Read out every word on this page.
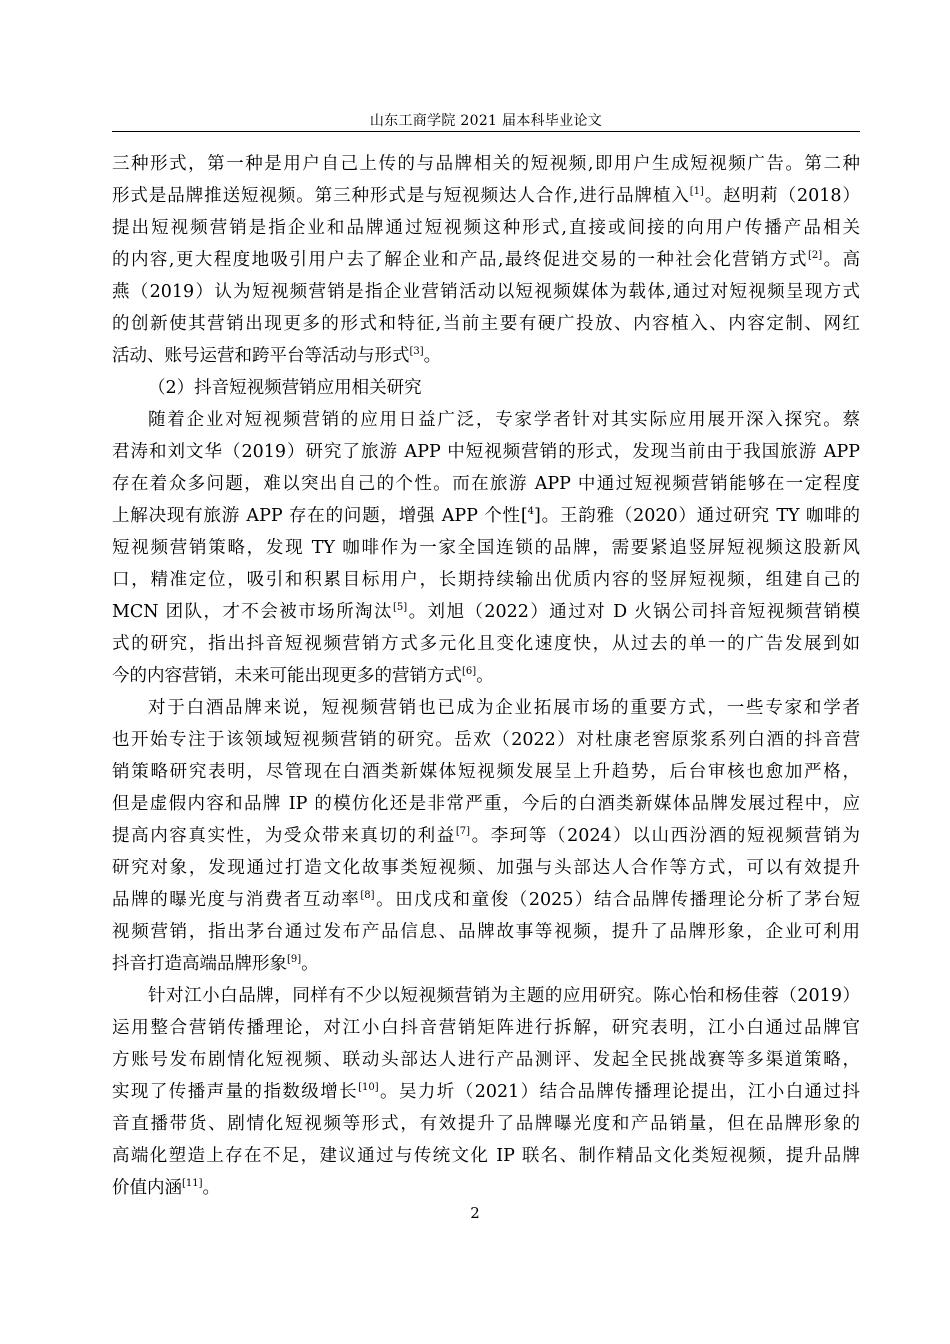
山东工商学院 2021 届本科毕业论文
三种形式，第一种是用户自己上传的与品牌相关的短视频,即用户生成短视频广告。第二种
形式是品牌推送短视频。第三种形式是与短视频达人合作,进行品牌植入[1]。赵明莉（2018）
提出短视频营销是指企业和品牌通过短视频这种形式,直接或间接的向用户传播产品相关
的内容,更大程度地吸引用户去了解企业和产品,最终促进交易的一种社会化营销方式[2]。高
燕（2019）认为短视频营销是指企业营销活动以短视频媒体为载体,通过对短视频呈现方式
的创新使其营销出现更多的形式和特征,当前主要有硬广投放、内容植入、内容定制、网红
活动、账号运营和跨平台等活动与形式[3]。
（2）抖音短视频营销应用相关研究
随着企业对短视频营销的应用日益广泛，专家学者针对其实际应用展开深入探究。蔡
君涛和刘文华（2019）研究了旅游 APP 中短视频营销的形式，发现当前由于我国旅游 APP
存在着众多问题，难以突出自己的个性。而在旅游 APP 中通过短视频营销能够在一定程度
上解决现有旅游 APP 存在的问题，增强 APP 个性[$^4$]。王韵雅（2020）通过研究 TY 咖啡的
短视频营销策略，发现 TY 咖啡作为一家全国连锁的品牌，需要紧追竖屏短视频这股新风
口，精准定位，吸引和积累目标用户，长期持续输出优质内容的竖屏短视频，组建自己的
MCN 团队，才不会被市场所淘汰[5]。刘旭（2022）通过对 D 火锅公司抖音短视频营销模
式的研究，指出抖音短视频营销方式多元化且变化速度快，从过去的单一的广告发展到如
今的内容营销，未来可能出现更多的营销方式[6]。
对于白酒品牌来说，短视频营销也已成为企业拓展市场的重要方式，一些专家和学者
也开始专注于该领域短视频营销的研究。岳欢（2022）对杜康老窖原浆系列白酒的抖音营
销策略研究表明，尽管现在白酒类新媒体短视频发展呈上升趋势，后台审核也愈加严格，
但是虚假内容和品牌 IP 的模仿化还是非常严重，今后的白酒类新媒体品牌发展过程中，应
提高内容真实性，为受众带来真切的利益[7]。李珂等（2024）以山西汾酒的短视频营销为
研究对象，发现通过打造文化故事类短视频、加强与头部达人合作等方式，可以有效提升
品牌的曝光度与消费者互动率[8]。田戊戌和童俊（2025）结合品牌传播理论分析了茅台短
视频营销，指出茅台通过发布产品信息、品牌故事等视频，提升了品牌形象，企业可利用
抖音打造高端品牌形象[9]。
针对江小白品牌，同样有不少以短视频营销为主题的应用研究。陈心怡和杨佳蓉（2019）
运用整合营销传播理论，对江小白抖音营销矩阵进行拆解，研究表明，江小白通过品牌官
方账号发布剧情化短视频、联动头部达人进行产品测评、发起全民挑战赛等多渠道策略，
实现了传播声量的指数级增长[10]。吴力圻（2021）结合品牌传播理论提出，江小白通过抖
音直播带货、剧情化短视频等形式，有效提升了品牌曝光度和产品销量，但在品牌形象的
高端化塑造上存在不足，建议通过与传统文化 IP 联名、制作精品文化类短视频，提升品牌
价值内涵[11]。
2
